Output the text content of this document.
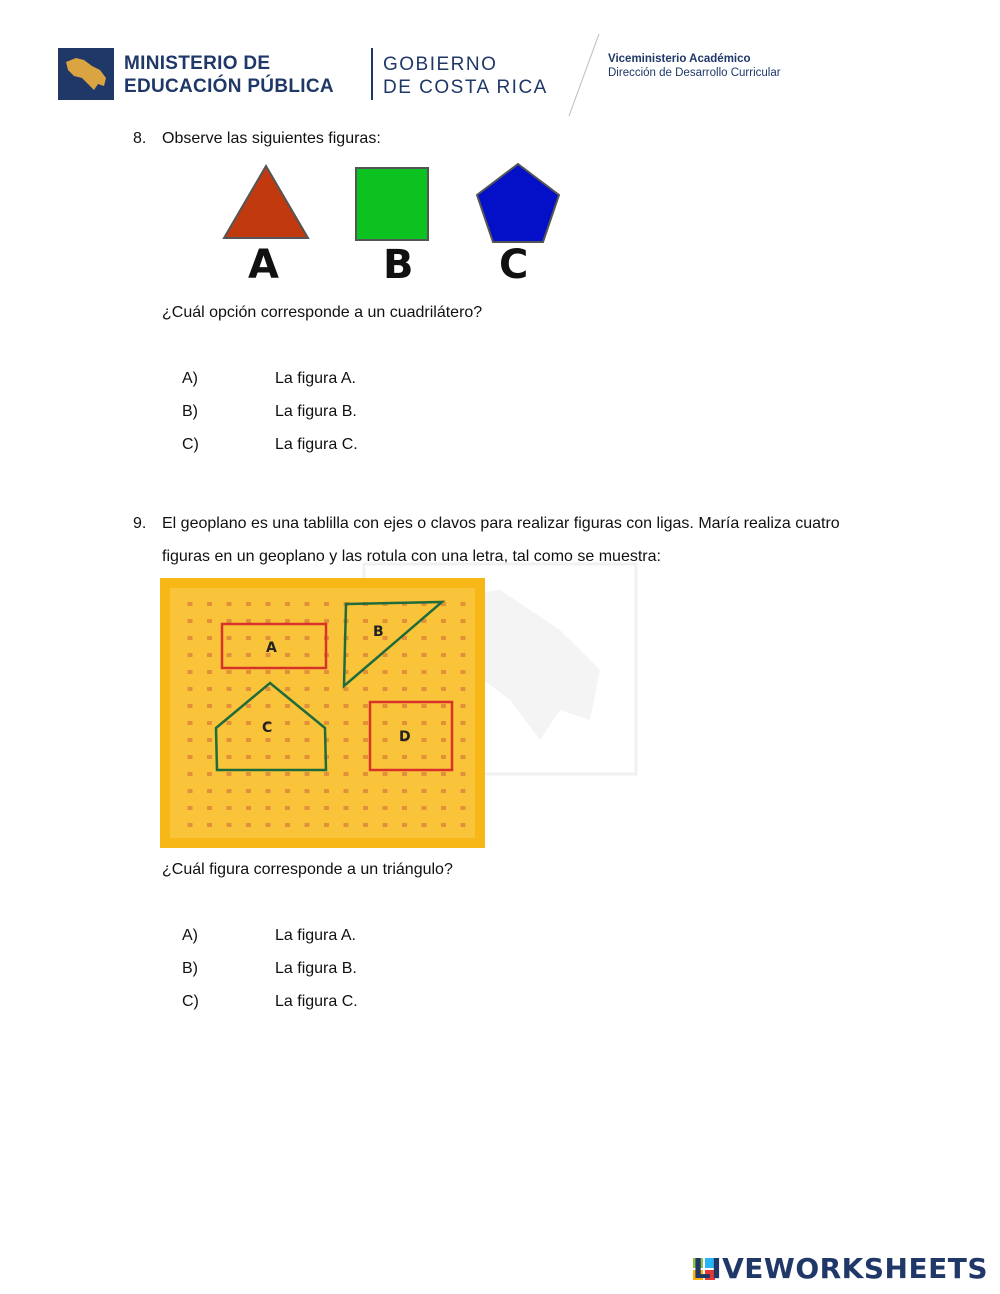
MINISTERIO DE
EDUCACIÓN PÚBLICA
GOBIERNO
DE COSTA RICA
Viceministerio Académico
Dirección de Desarrollo Curricular
8. Observe las siguientes figuras:
A	B C
¿Cuál opción corresponde a un cuadrilátero?
A)	La figura A.
B)	La figura B.
C)	La figura C.
9. El geoplano es una tablilla con ejes o clavos para realizar figuras con ligas. María realiza cuatro
figuras en un geoplano y las rotula con una letra, tal como se muestra:
A
B
C
D
¿Cuál figura corresponde a un triángulo?
A)	La figura A.
B)	La figura B.
C)	La figura C.
LIVEWORKSHEETS
